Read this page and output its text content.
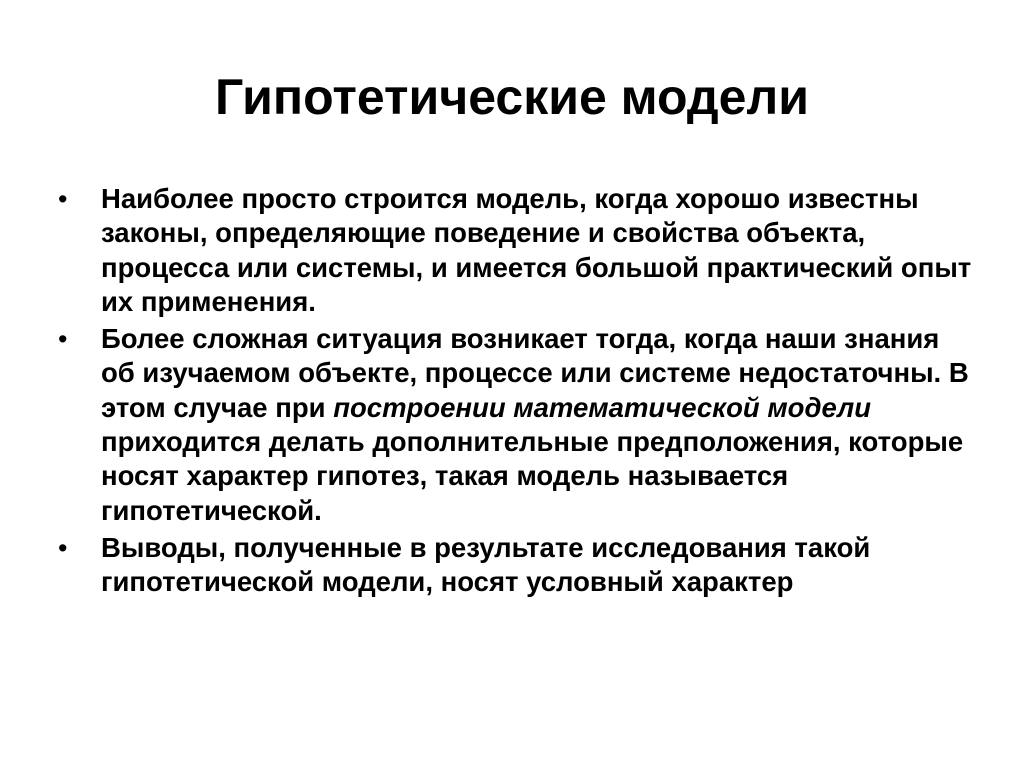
Гипотетические модели
• Наиболее просто строится модель, когда хорошо известны законы, определяющие поведение и свойства объекта, процесса или системы, и имеется большой практический опыт их применения.
• Более сложная ситуация возникает тогда, когда наши знания об изучаемом объекте, процессе или системе недостаточны. В этом случае при построении математической модели приходится делать дополнительные предположения, которые носят характер гипотез, такая модель называется гипотетической.
• Выводы, полученные в результате исследования такой гипотетической модели, носят условный характер
